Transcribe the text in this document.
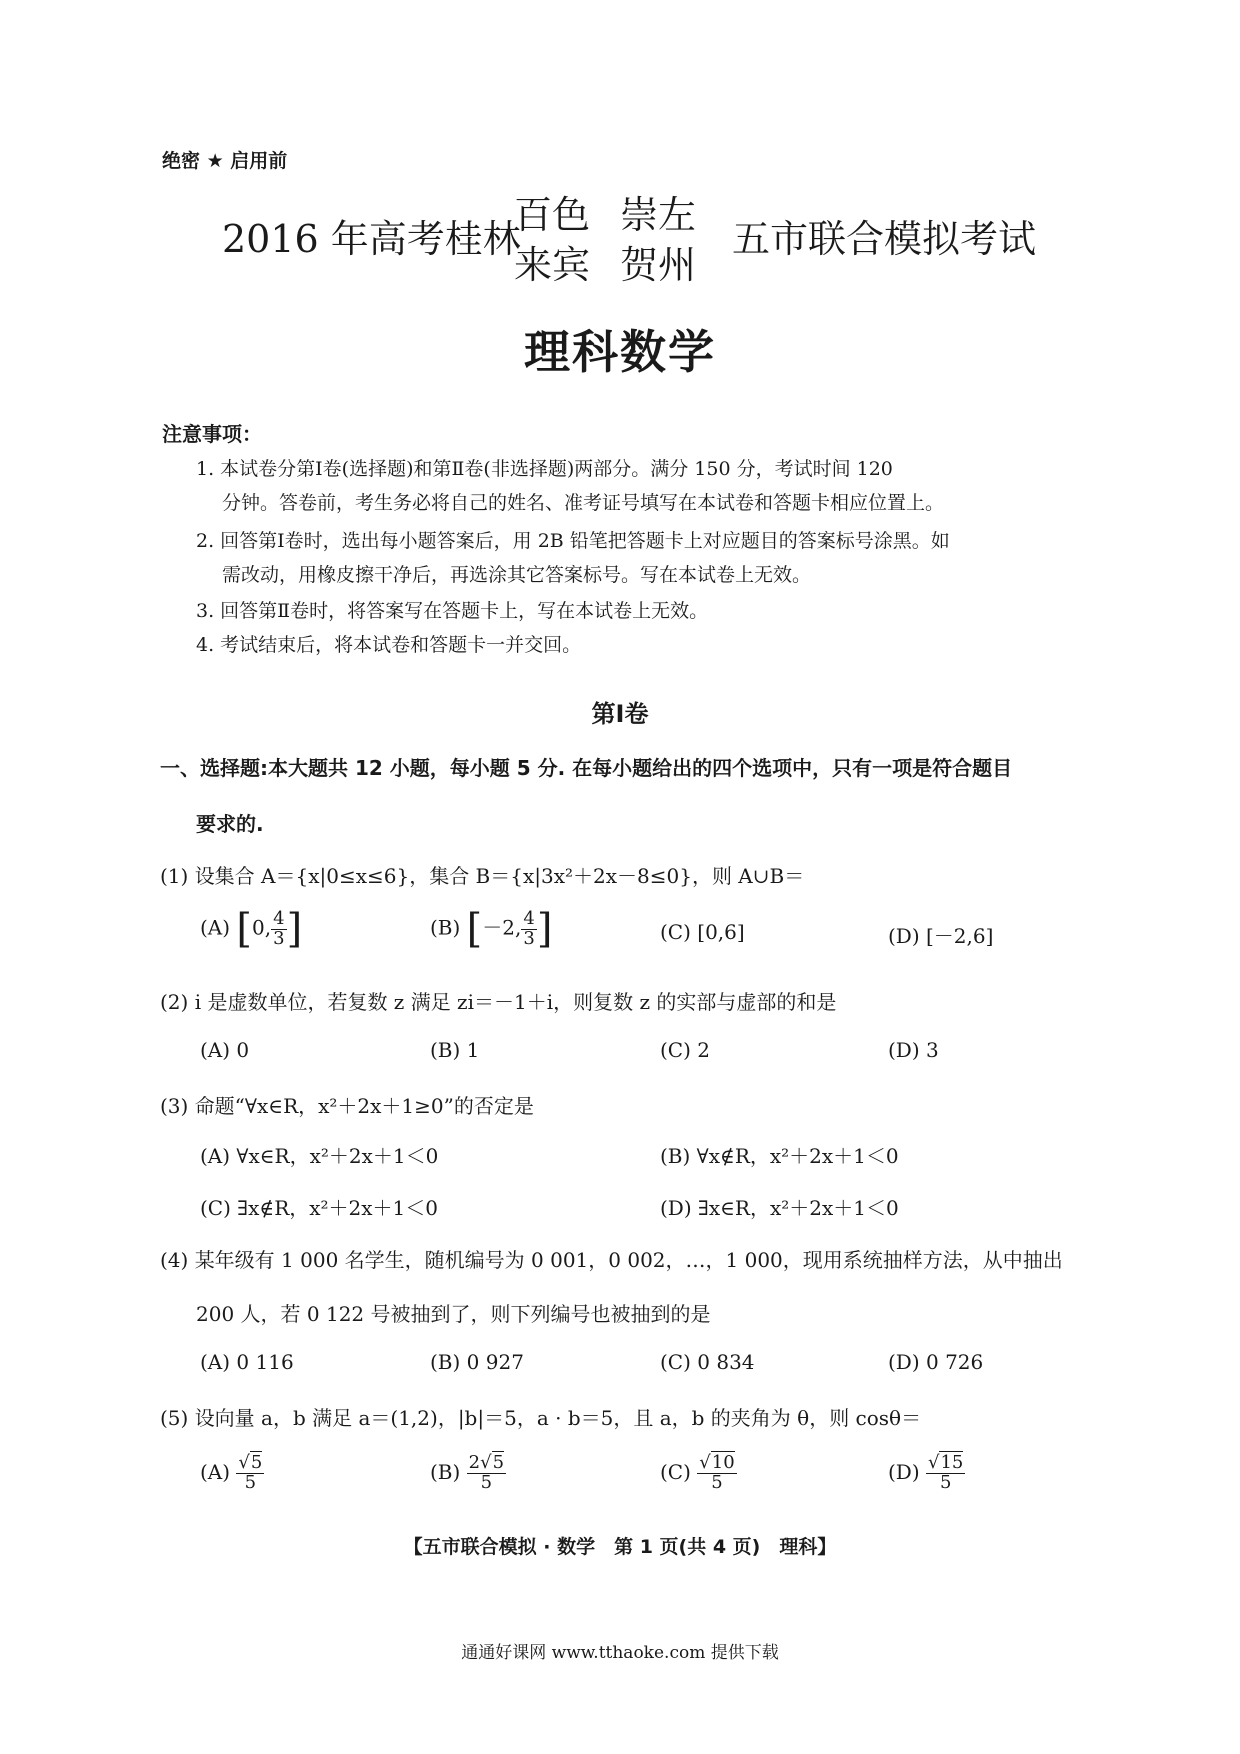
绝密 ★ 启用前
2016 年高考桂林
百色 崇左
来宾 贺州
五市联合模拟考试
理科数学
注意事项：
1. 本试卷分第Ⅰ卷(选择题)和第Ⅱ卷(非选择题)两部分。满分 150 分，考试时间 120
分钟。答卷前，考生务必将自己的姓名、准考证号填写在本试卷和答题卡相应位置上。
2. 回答第Ⅰ卷时，选出每小题答案后，用 2B 铅笔把答题卡上对应题目的答案标号涂黑。如
需改动，用橡皮擦干净后，再选涂其它答案标号。写在本试卷上无效。
3. 回答第Ⅱ卷时，将答案写在答题卡上，写在本试卷上无效。
4. 考试结束后，将本试卷和答题卡一并交回。
第Ⅰ卷
一、选择题:本大题共 12 小题，每小题 5 分. 在每小题给出的四个选项中，只有一项是符合题目
要求的.
(1) 设集合 A＝{x|0≤x≤6}，集合 B＝{x|3x²＋2x－8≤0}，则 A∪B＝
(A) [0, $\frac{4}{3}$ ]	(B) [－2, $\frac{4}{3}$ ]	(C) [0,6]	(D) [－2,6]
(2) i 是虚数单位，若复数 z 满足 zi＝－1＋i，则复数 z 的实部与虚部的和是
(A) 0	(B) 1	(C) 2	(D) 3
(3) 命题“∀x∈R，x²＋2x＋1≥0”的否定是
(A) ∀x∈R，x²＋2x＋1＜0	(B) ∀x∉R，x²＋2x＋1＜0
(C) ∃x∉R，x²＋2x＋1＜0	(D) ∃x∈R，x²＋2x＋1＜0
(4) 某年级有 1 000 名学生，随机编号为 0 001，0 002，…，1 000，现用系统抽样方法，从中抽出
200 人，若 0 122 号被抽到了，则下列编号也被抽到的是
(A) 0 116	(B) 0 927	(C) 0 834	(D) 0 726
(5) 设向量 a，b 满足 a＝(1,2)，|b|＝5，a · b＝5，且 a，b 的夹角为 θ，则 cosθ＝
$(A) \frac{√5}{5}$	$(B) \frac{2√5}{5}$	$(C) \frac{√10}{5}$	$(D) \frac{√15}{5}$
【五市联合模拟 · 数学　第 1 页(共 4 页)　理科】
通通好课网 www.tthaoke.com 提供下载
